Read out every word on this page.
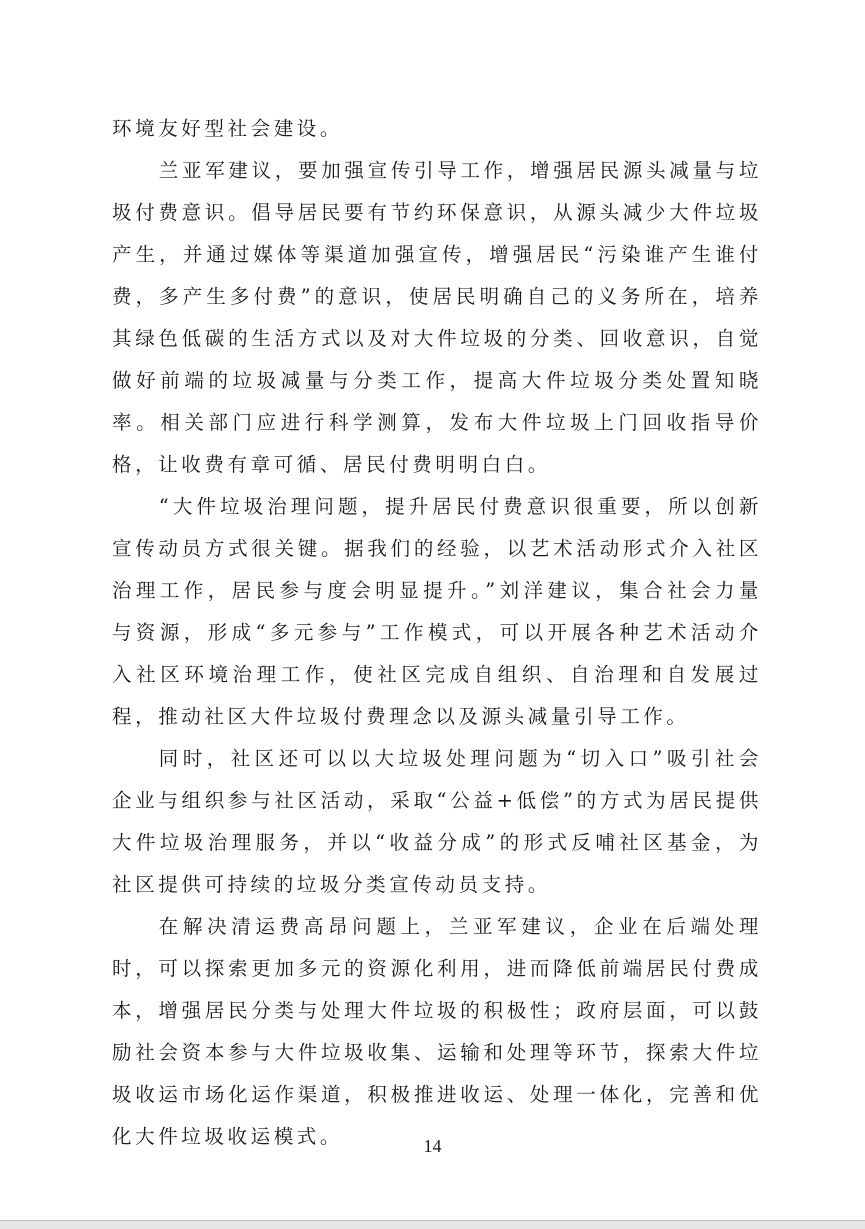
环境友好型社会建设。

兰亚军建议，要加强宣传引导工作，增强居民源头减量与垃圾付费意识。倡导居民要有节约环保意识，从源头减少大件垃圾产生，并通过媒体等渠道加强宣传，增强居民“污染谁产生谁付费，多产生多付费”的意识，使居民明确自己的义务所在，培养其绿色低碳的生活方式以及对大件垃圾的分类、回收意识，自觉做好前端的垃圾减量与分类工作，提高大件垃圾分类处置知晓率。相关部门应进行科学测算，发布大件垃圾上门回收指导价格，让收费有章可循、居民付费明明白白。

“大件垃圾治理问题，提升居民付费意识很重要，所以创新宣传动员方式很关键。据我们的经验，以艺术活动形式介入社区治理工作，居民参与度会明显提升。”刘洋建议，集合社会力量与资源，形成“多元参与”工作模式，可以开展各种艺术活动介入社区环境治理工作，使社区完成自组织、自治理和自发展过程，推动社区大件垃圾付费理念以及源头减量引导工作。

同时，社区还可以以大垃圾处理问题为“切入口”吸引社会企业与组织参与社区活动，采取“公益+低偿”的方式为居民提供大件垃圾治理服务，并以“收益分成”的形式反哺社区基金，为社区提供可持续的垃圾分类宣传动员支持。

在解决清运费高昂问题上，兰亚军建议，企业在后端处理时，可以探索更加多元的资源化利用，进而降低前端居民付费成本，增强居民分类与处理大件垃圾的积极性；政府层面，可以鼓励社会资本参与大件垃圾收集、运输和处理等环节，探索大件垃圾收运市场化运作渠道，积极推进收运、处理一体化，完善和优化大件垃圾收运模式。	14
